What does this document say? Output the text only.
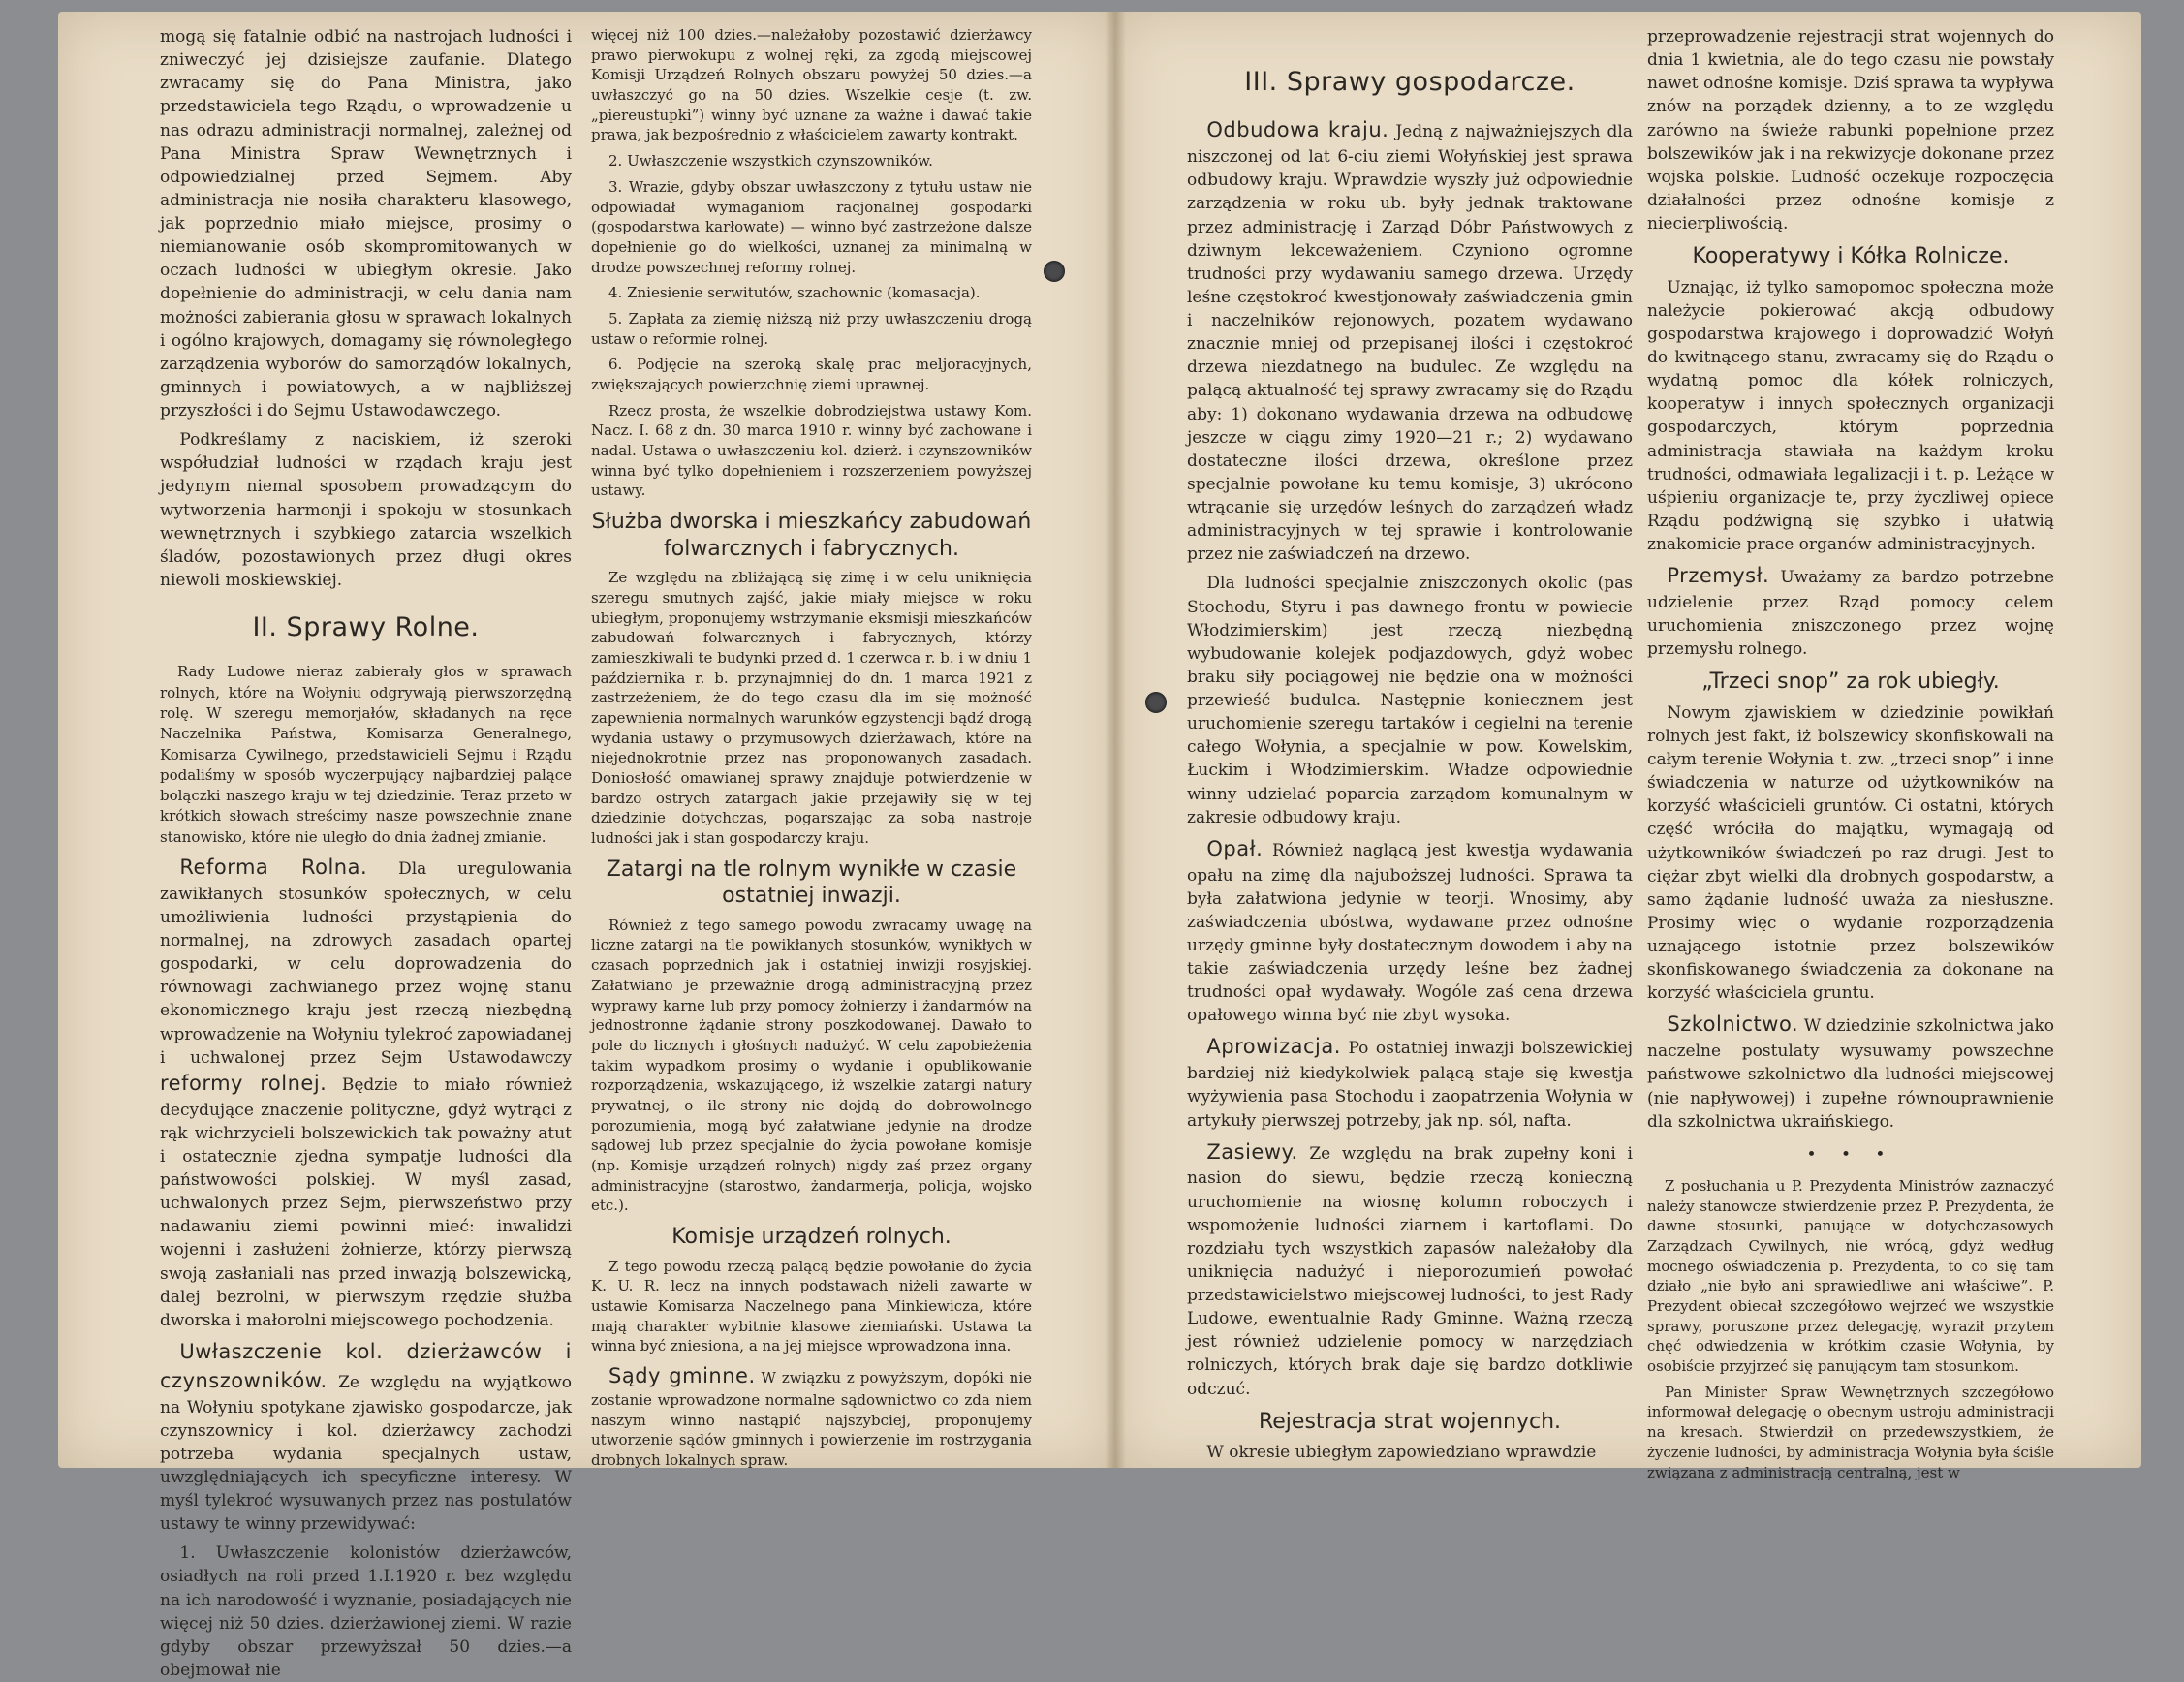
mogą się fatalnie odbić na nastrojach ludności i zniweczyć jej dzisiejsze zaufanie. Dlatego zwracamy się do Pana Ministra, jako przedstawiciela tego Rządu, o wprowadzenie u nas odrazu administracji normalnej, zależnej od Pana Ministra Spraw Wewnętrznych i odpowiedzialnej przed Sejmem. Aby administracja nie nosiła charakteru klasowego, jak poprzednio miało miejsce, prosimy o niemianowanie osób skompromitowanych w oczach ludności w ubiegłym okresie. Jako dopełnienie do administracji, w celu dania nam możności zabierania głosu w sprawach lokalnych i ogólno krajowych, domagamy się równoległego zarządzenia wyborów do samorządów lokalnych, gminnych i powiatowych, a w najbliższej przyszłości i do Sejmu Ustawodawczego.

Podkreślamy z naciskiem, iż szeroki współudział ludności w rządach kraju jest jedynym niemal sposobem prowadzącym do wytworzenia harmonji i spokoju w stosunkach wewnętrznych i szybkiego zatarcia wszelkich śladów, pozostawionych przez długi okres niewoli moskiewskiej.

II. Sprawy Rolne.

Rady Ludowe nieraz zabierały głos w sprawach rolnych, które na Wołyniu odgrywają pierwszorzędną rolę. W szeregu memorjałów, składanych na ręce Naczelnika Państwa, Komisarza Generalnego, Komisarza Cywilnego, przedstawicieli Sejmu i Rządu podaliśmy w sposób wyczerpujący najbardziej palące bolączki naszego kraju w tej dziedzinie. Teraz przeto w krótkich słowach streścimy nasze powszechnie znane stanowisko, które nie uległo do dnia żadnej zmianie.

Reforma Rolna. Dla uregulowania zawikłanych stosunków społecznych, w celu umożliwienia ludności przystąpienia do normalnej, na zdrowych zasadach opartej gospodarki, w celu doprowadzenia do równowagi zachwianego przez wojnę stanu ekonomicznego kraju jest rzeczą niezbędną wprowadzenie na Wołyniu tylekroć zapowiadanej i uchwalonej przez Sejm Ustawodawczy reformy rolnej. Będzie to miało również decydujące znaczenie polityczne, gdyż wytrąci z rąk wichrzycieli bolszewickich tak poważny atut i ostatecznie zjedna sympatje ludności dla państwowości polskiej. W myśl zasad, uchwalonych przez Sejm, pierwszeństwo przy nadawaniu ziemi powinni mieć: inwalidzi wojenni i zasłużeni żołnierze, którzy pierwszą swoją zasłaniali nas przed inwazją bolszewicką, dalej bezrolni, w pierwszym rzędzie służba dworska i małorolni miejscowego pochodzenia.

Uwłaszczenie kol. dzierżawców i czynszowników. Ze względu na wyjątkowo na Wołyniu spotykane zjawisko gospodarcze, jak czynszownicy i kol. dzierżawcy zachodzi potrzeba wydania specjalnych ustaw, uwzględniających ich specyficzne interesy. W myśl tylekroć wysuwanych przez nas postulatów ustawy te winny przewidywać:

1. Uwłaszczenie kolonistów dzierżawców, osiadłych na roli przed 1.I.1920 r. bez względu na ich narodowość i wyznanie, posiadających nie więcej niż 50 dzies. dzierżawionej ziemi. W razie gdyby obszar przewyższał 50 dzies.—a obejmował nie

więcej niż 100 dzies.—należałoby pozostawić dzierżawcy prawo pierwokupu z wolnej ręki, za zgodą miejscowej Komisji Urządzeń Rolnych obszaru powyżej 50 dzies.—a uwłaszczyć go na 50 dzies. Wszelkie cesje (t. zw. „piereustupki”) winny być uznane za ważne i dawać takie prawa, jak bezpośrednio z właścicielem zawarty kontrakt.

2. Uwłaszczenie wszystkich czynszowników.

3. Wrazie, gdyby obszar uwłaszczony z tytułu ustaw nie odpowiadał wymaganiom racjonalnej gospodarki (gospodarstwa karłowate) — winno być zastrzeżone dalsze dopełnienie go do wielkości, uznanej za minimalną w drodze powszechnej reformy rolnej.

4. Zniesienie serwitutów, szachownic (komasacja).

5. Zapłata za ziemię niższą niż przy uwłaszczeniu drogą ustaw o reformie rolnej.

6. Podjęcie na szeroką skalę prac meljoracyjnych, zwiększających powierzchnię ziemi uprawnej.

Rzecz prosta, że wszelkie dobrodziejstwa ustawy Kom. Nacz. I. 68 z dn. 30 marca 1910 r. winny być zachowane i nadal. Ustawa o uwłaszczeniu kol. dzierż. i czynszowników winna być tylko dopełnieniem i rozszerzeniem powyższej ustawy.

Służba dworska i mieszkańcy zabudowań folwarcznych i fabrycznych.

Ze względu na zbliżającą się zimę i w celu uniknięcia szeregu smutnych zajść, jakie miały miejsce w roku ubiegłym, proponujemy wstrzymanie eksmisji mieszkańców zabudowań folwarcznych i fabrycznych, którzy zamieszkiwali te budynki przed d. 1 czerwca r. b. i w dniu 1 października r. b. przynajmniej do dn. 1 marca 1921 z zastrzeżeniem, że do tego czasu dla im się możność zapewnienia normalnych warunków egzystencji bądź drogą wydania ustawy o przymusowych dzierżawach, które na niejednokrotnie przez nas proponowanych zasadach. Doniosłość omawianej sprawy znajduje potwierdzenie w bardzo ostrych zatargach jakie przejawiły się w tej dziedzinie dotychczas, pogarszając za sobą nastroje ludności jak i stan gospodarczy kraju.

Zatargi na tle rolnym wynikłe w czasie ostatniej inwazji.

Również z tego samego powodu zwracamy uwagę na liczne zatargi na tle powikłanych stosunków, wynikłych w czasach poprzednich jak i ostatniej inwizji rosyjskiej. Załatwiano je przeważnie drogą administracyjną przez wyprawy karne lub przy pomocy żołnierzy i żandarmów na jednostronne żądanie strony poszkodowanej. Dawało to pole do licznych i głośnych nadużyć. W celu zapobieżenia takim wypadkom prosimy o wydanie i opublikowanie rozporządzenia, wskazującego, iż wszelkie zatargi natury prywatnej, o ile strony nie dojdą do dobrowolnego porozumienia, mogą być załatwiane jedynie na drodze sądowej lub przez specjalnie do życia powołane komisje (np. Komisje urządzeń rolnych) nigdy zaś przez organy administracyjne (starostwo, żandarmerja, policja, wojsko etc.).

Komisje urządzeń rolnych.

Z tego powodu rzeczą palącą będzie powołanie do życia K. U. R. lecz na innych podstawach niżeli zawarte w ustawie Komisarza Naczelnego pana Minkiewicza, które mają charakter wybitnie klasowe ziemiański. Ustawa ta winna być zniesiona, a na jej miejsce wprowadzona inna.

Sądy gminne. W związku z powyższym, dopóki nie zostanie wprowadzone normalne sądownictwo co zda niem naszym winno nastąpić najszybciej, proponujemy utworzenie sądów gminnych i powierzenie im rostrzygania drobnych lokalnych spraw.

III. Sprawy gospodarcze.

Odbudowa kraju. Jedną z najważniejszych dla niszczonej od lat 6-ciu ziemi Wołyńskiej jest sprawa odbudowy kraju. Wprawdzie wyszły już odpowiednie zarządzenia w roku ub. były jednak traktowane przez administrację i Zarząd Dóbr Państwowych z dziwnym lekceważeniem. Czyniono ogromne trudności przy wydawaniu samego drzewa. Urzędy leśne częstokroć kwestjonowały zaświadczenia gmin i naczelników rejonowych, pozatem wydawano znacznie mniej od przepisanej ilości i częstokroć drzewa niezdatnego na budulec. Ze względu na palącą aktualność tej sprawy zwracamy się do Rządu aby: 1) dokonano wydawania drzewa na odbudowę jeszcze w ciągu zimy 1920—21 r.; 2) wydawano dostateczne ilości drzewa, określone przez specjalnie powołane ku temu komisje, 3) ukrócono wtrącanie się urzędów leśnych do zarządzeń władz administracyjnych w tej sprawie i kontrolowanie przez nie zaświadczeń na drzewo.

Dla ludności specjalnie zniszczonych okolic (pas Stochodu, Styru i pas dawnego frontu w powiecie Włodzimierskim) jest rzeczą niezbędną wybudowanie kolejek podjazdowych, gdyż wobec braku siły pociągowej nie będzie ona w możności przewieść budulca. Następnie koniecznem jest uruchomienie szeregu tartaków i cegielni na terenie całego Wołynia, a specjalnie w pow. Kowelskim, Łuckim i Włodzimierskim. Władze odpowiednie winny udzielać poparcia zarządom komunalnym w zakresie odbudowy kraju.

Opał. Również naglącą jest kwestja wydawania opału na zimę dla najuboższej ludności. Sprawa ta była załatwiona jedynie w teorji. Wnosimy, aby zaświadczenia ubóstwa, wydawane przez odnośne urzędy gminne były dostatecznym dowodem i aby na takie zaświadczenia urzędy leśne bez żadnej trudności opał wydawały. Wogóle zaś cena drzewa opałowego winna być nie zbyt wysoka.

Aprowizacja. Po ostatniej inwazji bolszewickiej bardziej niż kiedykolwiek palącą staje się kwestja wyżywienia pasa Stochodu i zaopatrzenia Wołynia w artykuły pierwszej potrzeby, jak np. sól, nafta.

Zasiewy. Ze względu na brak zupełny koni i nasion do siewu, będzie rzeczą konieczną uruchomienie na wiosnę kolumn roboczych i wspomożenie ludności ziarnem i kartoflami. Do rozdziału tych wszystkich zapasów należałoby dla uniknięcia nadużyć i nieporozumień powołać przedstawicielstwo miejscowej ludności, to jest Rady Ludowe, ewentualnie Rady Gminne. Ważną rzeczą jest również udzielenie pomocy w narzędziach rolniczych, których brak daje się bardzo dotkliwie odczuć.

Rejestracja strat wojennych.

W okresie ubiegłym zapowiedziano wprawdzie

przeprowadzenie rejestracji strat wojennych do dnia 1 kwietnia, ale do tego czasu nie powstały nawet odnośne komisje. Dziś sprawa ta wypływa znów na porządek dzienny, a to ze względu zarówno na świeże rabunki popełnione przez bolszewików jak i na rekwizycje dokonane przez wojska polskie. Ludność oczekuje rozpoczęcia działalności przez odnośne komisje z niecierpliwością.

Kooperatywy i Kółka Rolnicze.

Uznając, iż tylko samopomoc społeczna może należycie pokierować akcją odbudowy gospodarstwa krajowego i doprowadzić Wołyń do kwitnącego stanu, zwracamy się do Rządu o wydatną pomoc dla kółek rolniczych, kooperatyw i innych społecznych organizacji gospodarczych, którym poprzednia administracja stawiała na każdym kroku trudności, odmawiała legalizacji i t. p. Leżące w uśpieniu organizacje te, przy życzliwej opiece Rządu podźwigną się szybko i ułatwią znakomicie prace organów administracyjnych.

Przemysł. Uważamy za bardzo potrzebne udzielenie przez Rząd pomocy celem uruchomienia zniszczonego przez wojnę przemysłu rolnego.

„Trzeci snop” za rok ubiegły.

Nowym zjawiskiem w dziedzinie powikłań rolnych jest fakt, iż bolszewicy skonfiskowali na całym terenie Wołynia t. zw. „trzeci snop” i inne świadczenia w naturze od użytkowników na korzyść właścicieli gruntów. Ci ostatni, których część wróciła do majątku, wymagają od użytkowników świadczeń po raz drugi. Jest to ciężar zbyt wielki dla drobnych gospodarstw, a samo żądanie ludność uważa za niesłuszne. Prosimy więc o wydanie rozporządzenia uznającego istotnie przez bolszewików skonfiskowanego świadczenia za dokonane na korzyść właściciela gruntu.

Szkolnictwo. W dziedzinie szkolnictwa jako naczelne postulaty wysuwamy powszechne państwowe szkolnictwo dla ludności miejscowej (nie napływowej) i zupełne równouprawnienie dla szkolnictwa ukraińskiego.

• • •

Z posłuchania u P. Prezydenta Ministrów zaznaczyć należy stanowcze stwierdzenie przez P. Prezydenta, że dawne stosunki, panujące w dotychczasowych Zarządzach Cywilnych, nie wrócą, gdyż według mocnego oświadczenia p. Prezydenta, to co się tam działo „nie było ani sprawiedliwe ani właściwe”. P. Prezydent obiecał szczegółowo wejrzeć we wszystkie sprawy, poruszone przez delegację, wyraził przytem chęć odwiedzenia w krótkim czasie Wołynia, by osobiście przyjrzeć się panującym tam stosunkom.

Pan Minister Spraw Wewnętrznych szczegółowo informował delegację o obecnym ustroju administracji na kresach. Stwierdził on przedewszystkiem, że życzenie ludności, by administracja Wołynia była ściśle związana z administracją centralną, jest w
